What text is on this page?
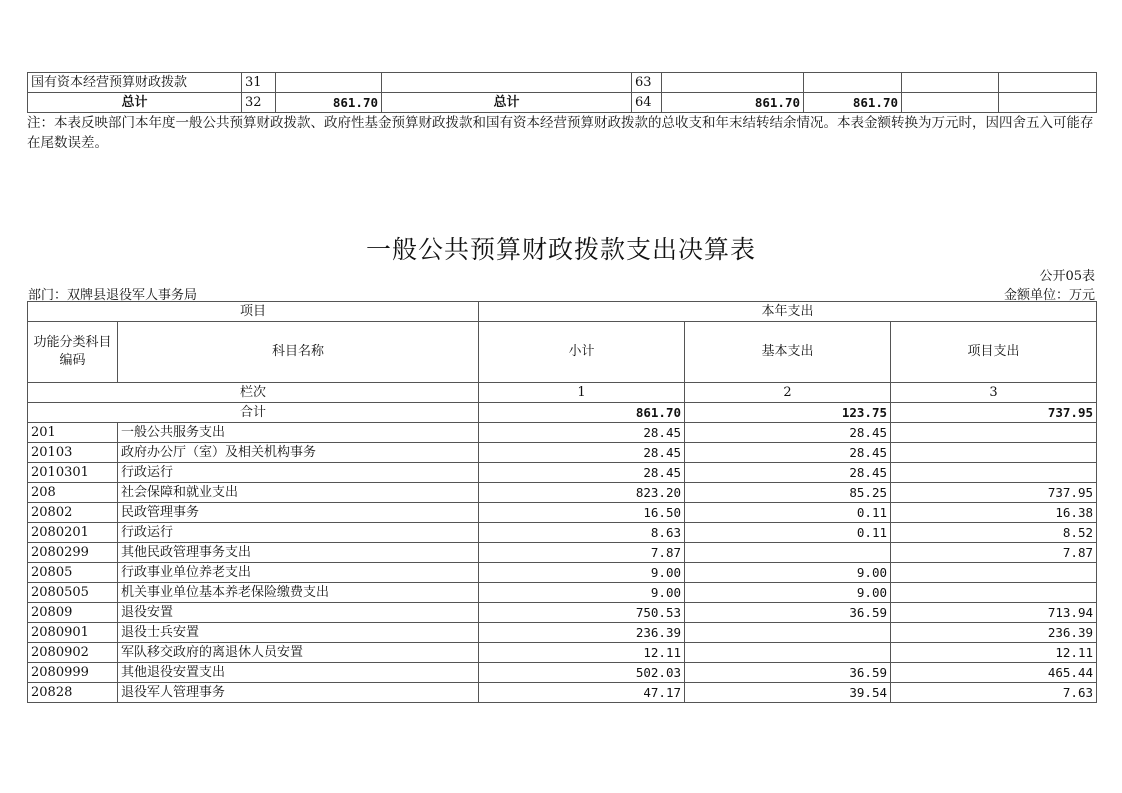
国有资本经营预算财政拨款	31			63				
总计	32	861.70	总计	64	861.70	861.70		
注：本表反映部门本年度一般公共预算财政拨款、政府性基金预算财政拨款和国有资本经营预算财政拨款的总收支和年末结转结余情况。本表金额转换为万元时，因四舍五入可能存在尾数误差。
一般公共预算财政拨款支出决算表
公开05表
部门：双牌县退役军人事务局	金额单位：万元
项目		本年支出		
功能分类科目编码	科目名称	小计	基本支出	项目支出
栏次		1	2	3
合计		861.70	123.75	737.95
201	一般公共服务支出	28.45	28.45	
20103	政府办公厅（室）及相关机构事务	28.45	28.45	
2010301	行政运行	28.45	28.45	
208	社会保障和就业支出	823.20	85.25	737.95
20802	民政管理事务	16.50	0.11	16.38
2080201	行政运行	8.63	0.11	8.52
2080299	其他民政管理事务支出	7.87		7.87
20805	行政事业单位养老支出	9.00	9.00	
2080505	机关事业单位基本养老保险缴费支出	9.00	9.00	
20809	退役安置	750.53	36.59	713.94
2080901	退役士兵安置	236.39		236.39
2080902	军队移交政府的离退休人员安置	12.11		12.11
2080999	其他退役安置支出	502.03	36.59	465.44
20828	退役军人管理事务	47.17	39.54	7.63
